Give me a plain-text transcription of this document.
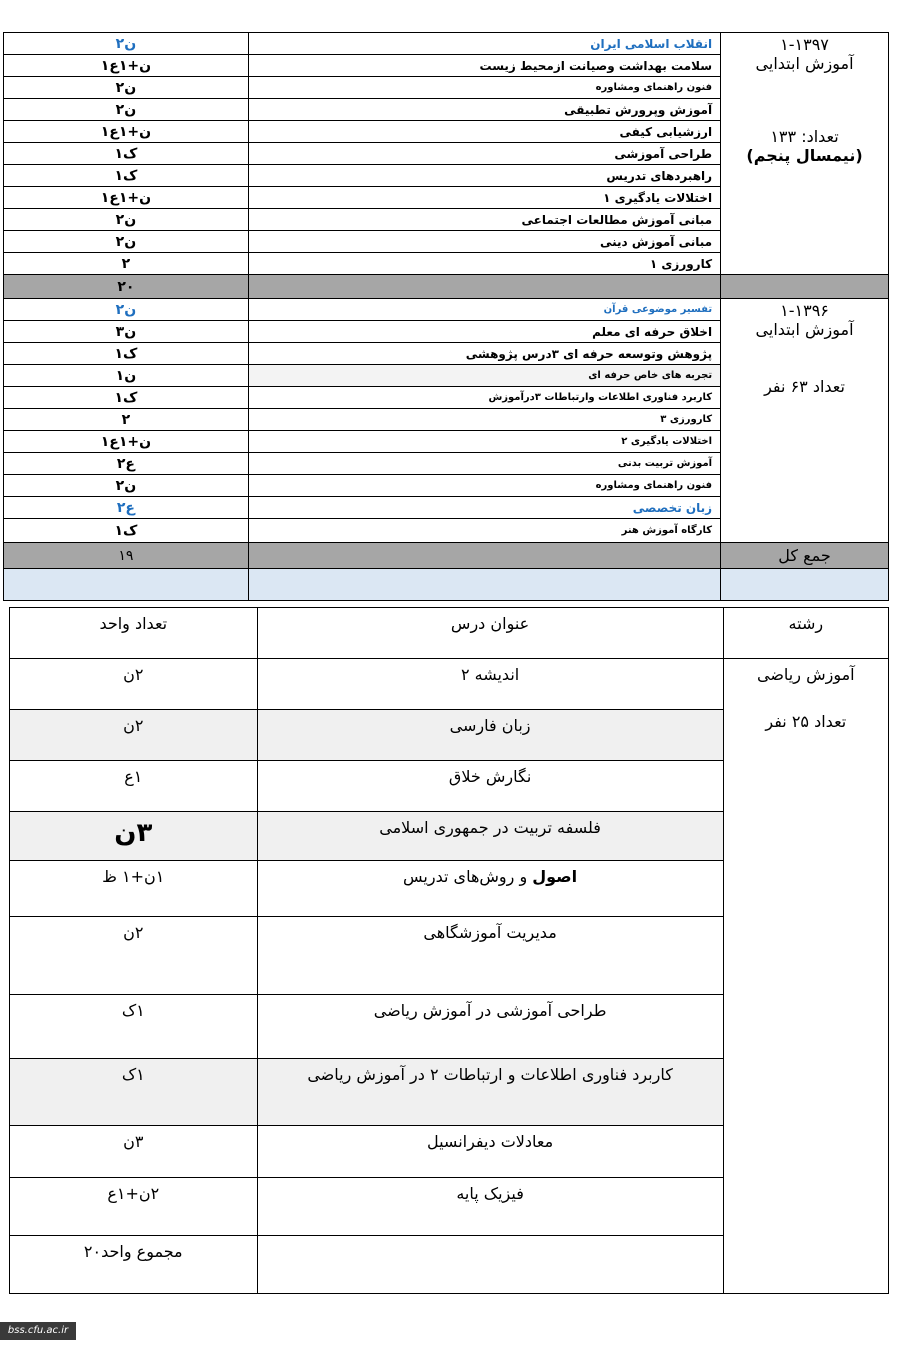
۲ن	انقلاب اسلامی ایران	۱-۱۳۹۷
آموزش ابتدایی
تعداد: ۱۳۳
(نیمسال پنجم)

۱ن+۱ع	سلامت بهداشت وصیانت ازمحیط زیست	
۲ن	فنون راهنمای ومشاوره	
۲ن	آموزش وپرورش تطبیقی	
۱ن+۱ع	ارزشیابی کیفی	
۱ک	طراحی آموزشی	
۱ک	راهبردهای تدریس	
۱ن+۱ع	اختلالات یادگیری ۱	
۲ن	مبانی آموزش مطالعات اجتماعی	
۲ن	مبانی آموزش دینی	
۲	کارورزی ۱	
۲۰		
۲ن	تفسیر موضوعی قرآن	۱-۱۳۹۶
آموزش ابتدایی
تعداد ۶۳ نفر

۳ن	اخلاق حرفه ای معلم	
۱ک	پژوهش وتوسعه حرفه ای ۳درس پژوهشی	
۱ن	تجربه های خاص حرفه ای	
۱ک	کاربرد فناوری اطلاعات وارتباطات ۳درآموزش	
۲	کارورزی ۳	
۱ن+۱ع	اختلالات یادگیری ۲	
۲ع	آموزش تربیت بدنی	
۲ن	فنون راهنمای ومشاوره	
۲ع	زبان تخصصی	
۱ک	کارگاه آموزش هنر	
۱۹		جمع کل

تعداد واحد	عنوان درس	رشته
۲ن	اندیشه ۲	آموزش ریاضی
تعداد ۲۵ نفر

۲ن	زبان فارسی	
۱ع	نگارش خلاق	
۳ن	فلسفه تربیت در جمهوری اسلامی	
۱ن+۱ ظ	اصول و روش‌های تدریس	
۲ن	مدیریت آموزشگاهی	
۱ک	طراحی آموزشی در آموزش ریاضی	
۱ک	کاربرد فناوری اطلاعات و ارتباطات ۲ در آموزش ریاضی	
۳ن	معادلات دیفرانسیل	
۲ن+۱ع	فیزیک پایه	
مجموع واحد۲۰		
bss.cfu.ac.ir
